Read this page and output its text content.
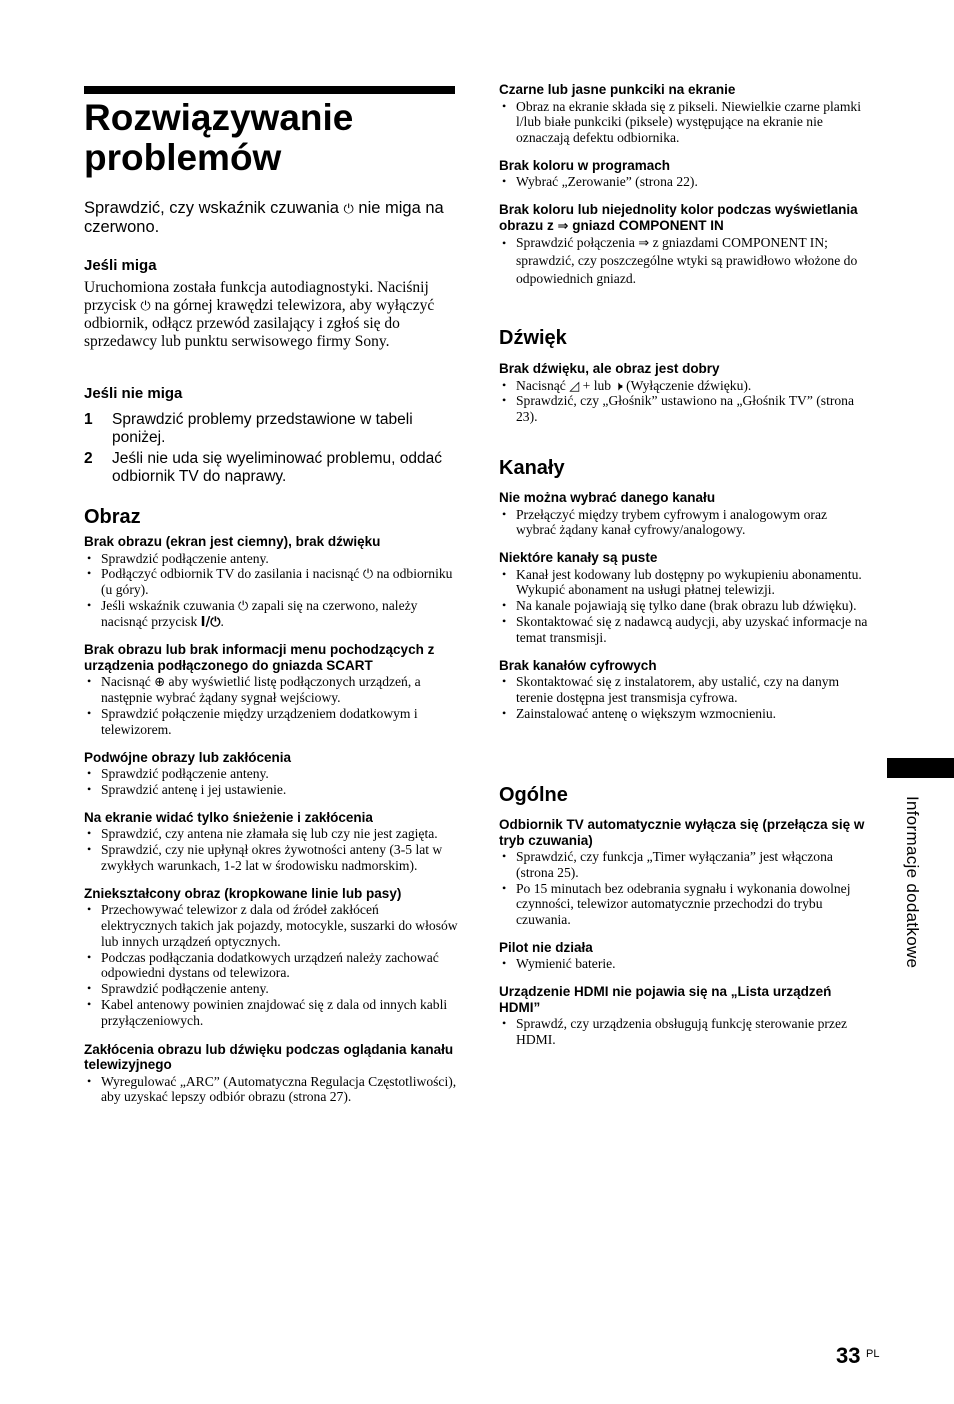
Rozwiązywanie problemów

Sprawdzić, czy wskaźnik czuwania ⏻ nie miga na czerwono.

Jeśli miga

Uruchomiona została funkcja autodiagnostyki. Naciśnij przycisk ⏻ na górnej krawędzi telewizora, aby wyłączyć odbiornik, odłącz przewód zasilający i zgłoś się do sprzedawcy lub punktu serwisowego firmy Sony.

Jeśli nie miga

1 Sprawdzić problemy przedstawione w tabeli poniżej.
2 Jeśli nie uda się wyeliminować problemu, oddać odbiornik TV do naprawy.
Obraz

Brak obrazu (ekran jest ciemny), brak dźwięku

• Sprawdzić podłączenie anteny.
• Podłączyć odbiornik TV do zasilania i nacisnąć ⏻ na odbiorniku (u góry).
• Jeśli wskaźnik czuwania ⏻ zapali się na czerwono, należy nacisnąć przycisk I/⏻.

Brak obrazu lub brak informacji menu pochodzących z urządzenia podłączonego do gniazda SCART

• Nacisnąć ⊕ aby wyświetlić listę podłączonych urządzeń, a następnie wybrać żądany sygnał wejściowy.
• Sprawdzić połączenie między urządzeniem dodatkowym i telewizorem.

Podwójne obrazy lub zakłócenia

• Sprawdzić podłączenie anteny.
• Sprawdzić antenę i jej ustawienie.

Na ekranie widać tylko śnieżenie i zakłócenia

• Sprawdzić, czy antena nie złamała się lub czy nie jest zagięta.
• Sprawdzić, czy nie upłynął okres żywotności anteny (3-5 lat w zwykłych warunkach, 1-2 lat w środowisku nadmorskim).

Zniekształcony obraz (kropkowane linie lub pasy)

• Przechowywać telewizor z dala od źródeł zakłóceń elektrycznych takich jak pojazdy, motocykle, suszarki do włosów lub innych urządzeń optycznych.
• Podczas podłączania dodatkowych urządzeń należy zachować odpowiedni dystans od telewizora.
• Sprawdzić podłączenie anteny.
• Kabel antenowy powinien znajdować się z dala od innych kabli przyłączeniowych.

Zakłócenia obrazu lub dźwięku podczas oglądania kanału telewizyjnego

• Wyregulować „ARC” (Automatyczna Regulacja Częstotliwości), aby uzyskać lepszy odbiór obrazu (strona 27).

Czarne lub jasne punkciki na ekranie

• Obraz na ekranie składa się z pikseli. Niewielkie czarne plamki l/lub białe punkciki (piksele) występujące na ekranie nie oznaczają defektu odbiornika.

Brak koloru w programach

• Wybrać „Zerowanie” (strona 22).

Brak koloru lub niejednolity kolor podczas wyświetlania obrazu z ⇒ gniazd COMPONENT IN

• Sprawdzić połączenia ⇒ z gniazdami COMPONENT IN; sprawdzić, czy poszczególne wtyki są prawidłowo włożone do odpowiednich gniazd.
Dźwięk

Brak dźwięku, ale obraz jest dobry

• Nacisnąć ◿ + lub 🕨 (Wyłączenie dźwięku).
• Sprawdzić, czy „Głośnik” ustawiono na „Głośnik TV” (strona 23).
Kanały

Nie można wybrać danego kanału

• Przełączyć między trybem cyfrowym i analogowym oraz wybrać żądany kanał cyfrowy/analogowy.

Niektóre kanały są puste

• Kanał jest kodowany lub dostępny po wykupieniu abonamentu. Wykupić abonament na usługi płatnej telewizji.
• Na kanale pojawiają się tylko dane (brak obrazu lub dźwięku).
• Skontaktować się z nadawcą audycji, aby uzyskać informacje na temat transmisji.

Brak kanałów cyfrowych

• Skontaktować się z instalatorem, aby ustalić, czy na danym terenie dostępna jest transmisja cyfrowa.
• Zainstalować antenę o większym wzmocnieniu.
Ogólne

Odbiornik TV automatycznie wyłącza się (przełącza się w tryb czuwania)

• Sprawdzić, czy funkcja „Timer wyłączania” jest włączona (strona 25).
• Po 15 minutach bez odebrania sygnału i wykonania dowolnej czynności, telewizor automatycznie przechodzi do trybu czuwania.

Pilot nie działa

• Wymienić baterie.

Urządzenie HDMI nie pojawia się na „Lista urządzeń HDMI”

• Sprawdź, czy urządzenia obsługują funkcję sterowanie przez HDMI.

Informacje dodatkowe

33 PL
